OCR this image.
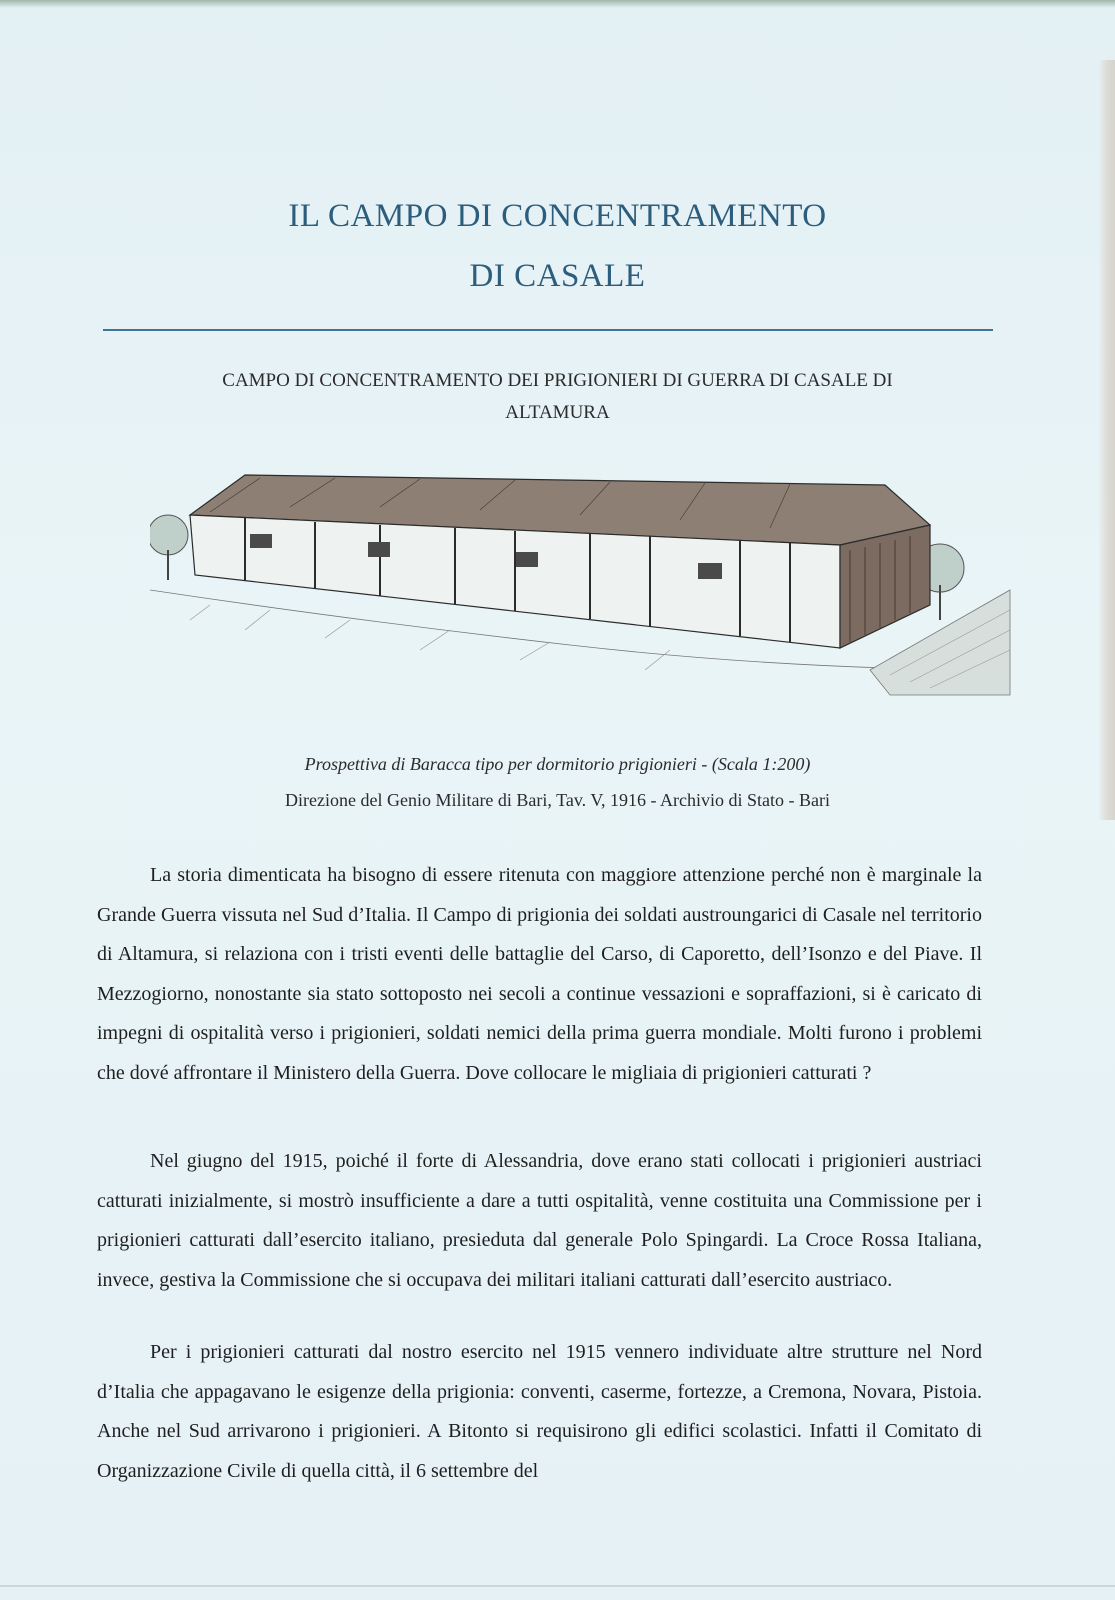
IL CAMPO DI CONCENTRAMENTO
DI CASALE
CAMPO DI CONCENTRAMENTO DEI PRIGIONIERI DI GUERRA DI CASALE DI
ALTAMURA
Prospettiva di Baracca tipo per dormitorio prigionieri - (Scala 1:200)
Direzione del Genio Militare di Bari, Tav. V, 1916 - Archivio di Stato - Bari

La storia dimenticata ha bisogno di essere ritenuta con maggiore attenzione perché non è marginale la Grande Guerra vissuta nel Sud d’Italia. Il Campo di prigionia dei soldati austroungarici di Casale nel territorio di Altamura, si relaziona con i tristi eventi delle battaglie del Carso, di Caporetto, dell’Isonzo e del Piave. Il Mezzogiorno, nonostante sia stato sottoposto nei secoli a continue vessazioni e sopraffazioni, si è caricato di impegni di ospitalità verso i prigionieri, soldati nemici della prima guerra mondiale. Molti furono i problemi che dové affrontare il Ministero della Guerra. Dove collocare le migliaia di prigionieri catturati ?

Nel giugno del 1915, poiché il forte di Alessandria, dove erano stati collocati i prigionieri austriaci catturati inizialmente, si mostrò insufficiente a dare a tutti ospitalità, venne costituita una Commissione per i prigionieri catturati dall’esercito italiano, presieduta dal generale Polo Spingardi. La Croce Rossa Italiana, invece, gestiva la Commissione che si occupava dei militari italiani catturati dall’esercito austriaco.

Per i prigionieri catturati dal nostro esercito nel 1915 vennero individuate altre strutture nel Nord d’Italia che appagavano le esigenze della prigionia: conventi, caserme, fortezze, a Cremona, Novara, Pistoia. Anche nel Sud arrivarono i prigionieri. A Bitonto si requisirono gli edifici scolastici. Infatti il Comitato di Organizzazione Civile di quella città, il 6 settembre del
